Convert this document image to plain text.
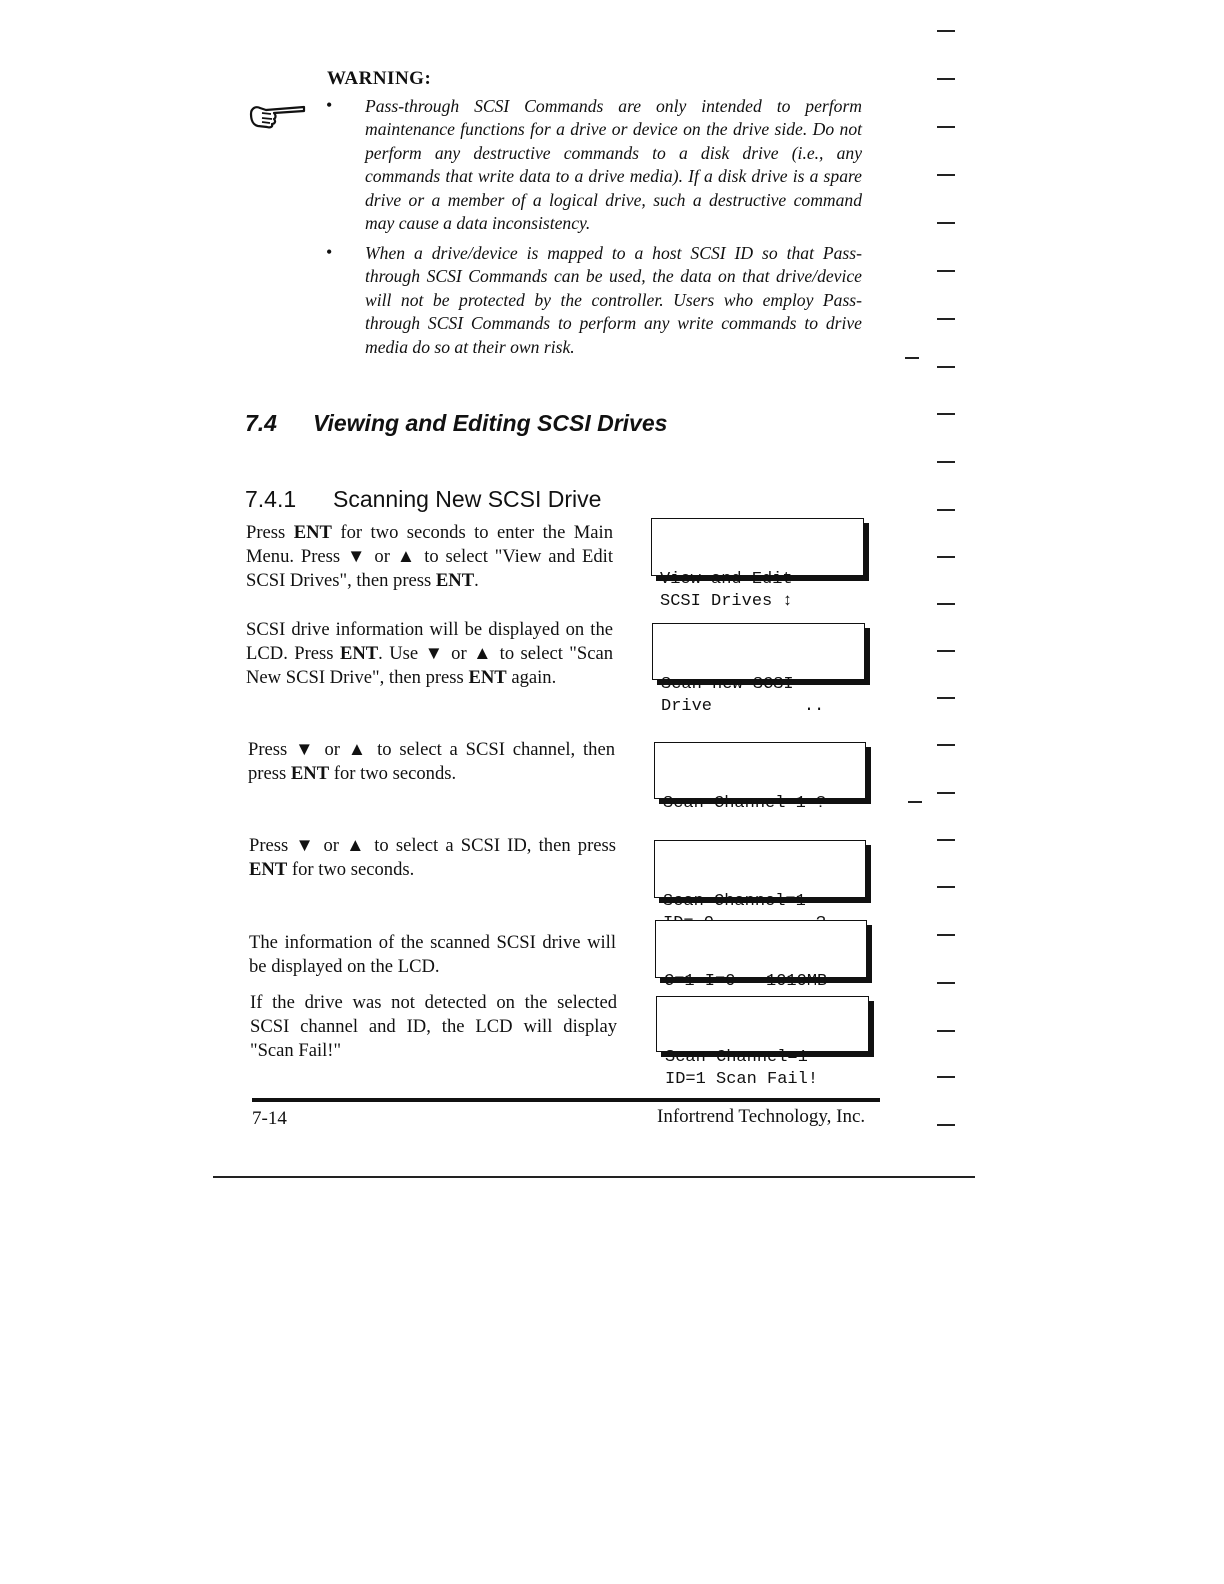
WARNING:
• Pass-through SCSI Commands are only intended to perform maintenance functions for a drive or device on the drive side. Do not perform any destructive commands to a disk drive (i.e., any commands that write data to a drive media). If a disk drive is a spare drive or a member of a logical drive, such a destructive command may cause a data inconsistency.
• When a drive/device is mapped to a host SCSI ID so that Pass-through SCSI Commands can be used, the data on that drive/device will not be protected by the controller. Users who employ Pass-through SCSI Commands to perform any write commands to drive media do so at their own risk.
7.4 Viewing and Editing SCSI Drives
7.4.1 Scanning New SCSI Drive
Press ENT for two seconds to enter the Main Menu. Press ▼ or ▲ to select "View and Edit SCSI Drives", then press ENT.
SCSI drive information will be displayed on the LCD. Press ENT. Use ▼ or ▲ to select "Scan New SCSI Drive", then press ENT again.
Press ▼ or ▲ to select a SCSI channel, then press ENT for two seconds.
Press ▼ or ▲ to select a SCSI ID, then press ENT for two seconds.
The information of the scanned SCSI drive will be displayed on the LCD.
If the drive was not detected on the selected SCSI channel and ID, the LCD will display "Scan Fail!"

View and Edit
SCSI Drives ↕

Scan new SCSI
Drive         ..

Scan Channel=1 ?

Scan Channel=1

C=1 I=0   1010MB

Scan Channel=1
ID=1 Scan Fail!

7-14	Infortrend Technology, Inc.
